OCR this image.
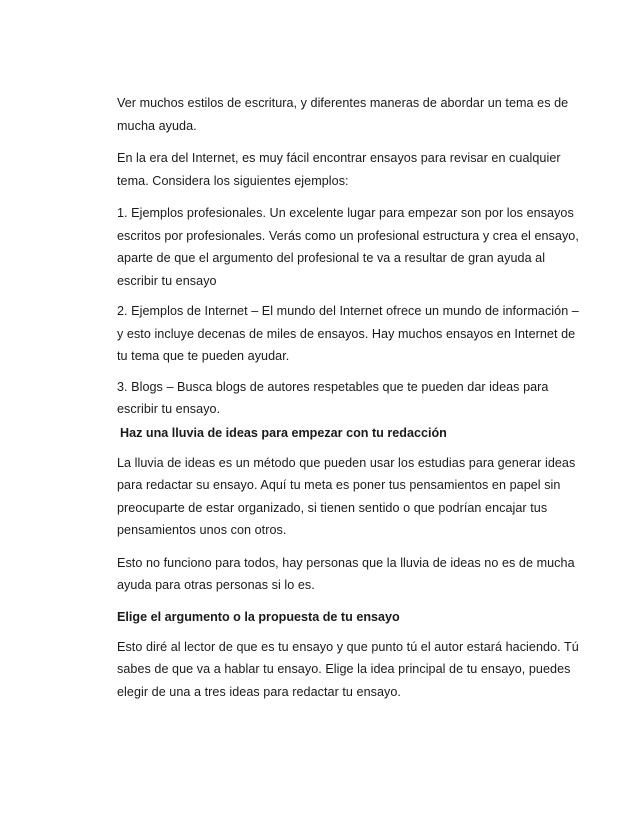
Ver muchos estilos de escritura, y diferentes maneras de abordar un tema es de mucha ayuda.

En la era del Internet, es muy fácil encontrar ensayos para revisar en cualquier tema. Considera los siguientes ejemplos:

1. Ejemplos profesionales. Un excelente lugar para empezar son por los ensayos escritos por profesionales. Verás como un profesional estructura y crea el ensayo, aparte de que el argumento del profesional te va a resultar de gran ayuda al escribir tu ensayo

2. Ejemplos de Internet – El mundo del Internet ofrece un mundo de información – y esto incluye decenas de miles de ensayos. Hay muchos ensayos en Internet de tu tema que te pueden ayudar.

3. Blogs – Busca blogs de autores respetables que te pueden dar ideas para escribir tu ensayo.

Haz una lluvia de ideas para empezar con tu redacción

La lluvia de ideas es un método que pueden usar los estudias para generar ideas para redactar su ensayo. Aquí tu meta es poner tus pensamientos en papel sin preocuparte de estar organizado, si tienen sentido o que podrían encajar tus pensamientos unos con otros.

Esto no funciono para todos, hay personas que la lluvia de ideas no es de mucha ayuda para otras personas si lo es.

Elige el argumento o la propuesta de tu ensayo

Esto diré al lector de que es tu ensayo y que punto tú el autor estará haciendo. Tú sabes de que va a hablar tu ensayo. Elige la idea principal de tu ensayo, puedes elegir de una a tres ideas para redactar tu ensayo.
